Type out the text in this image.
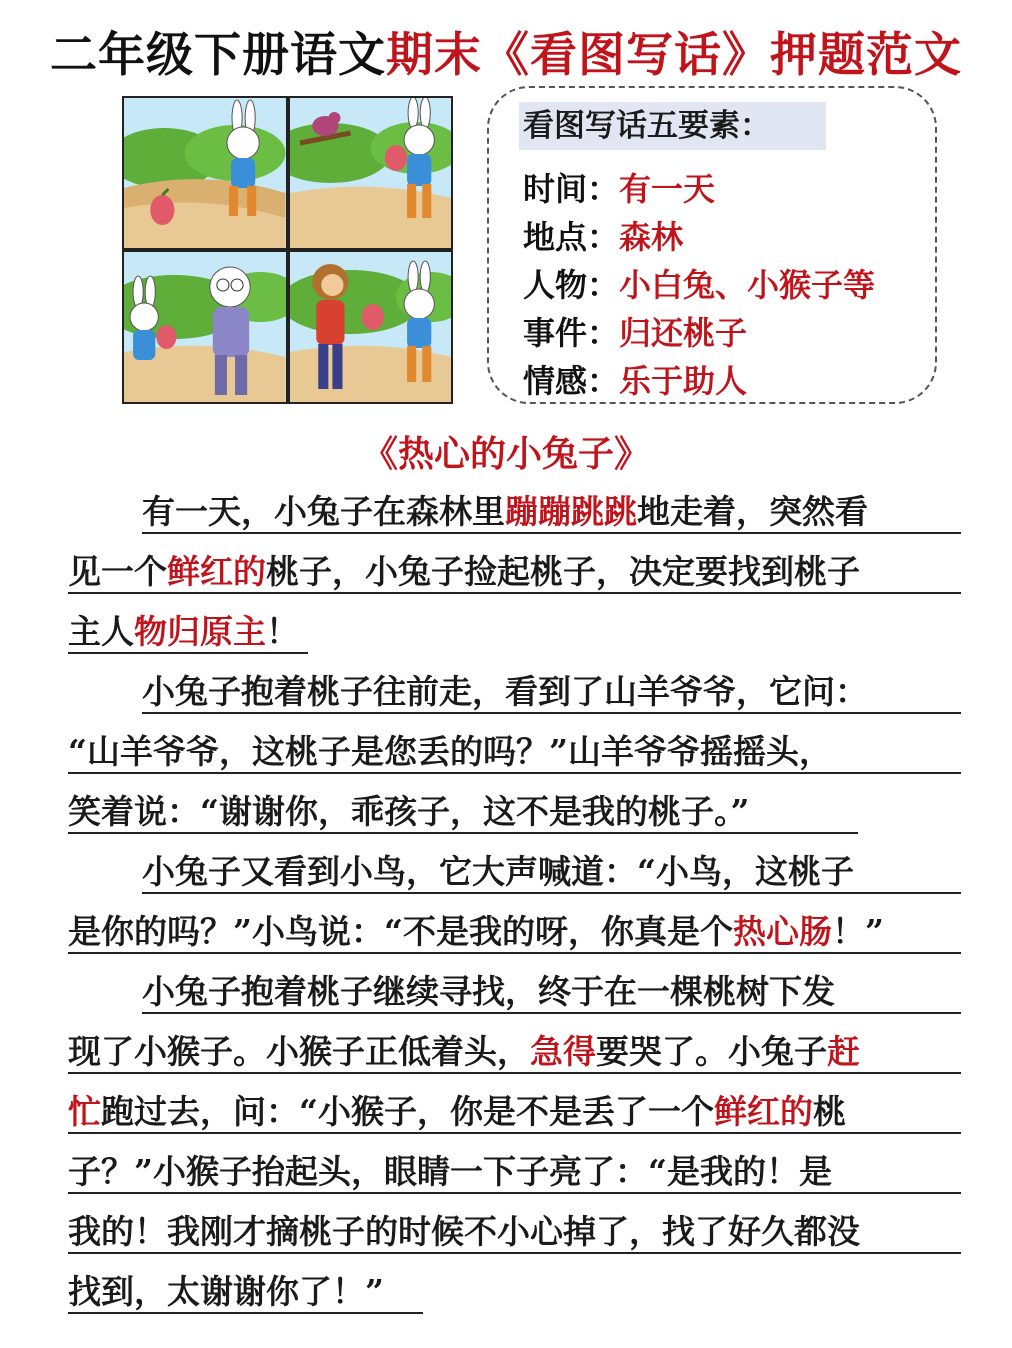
二年级下册语文期末《看图写话》押题范文
看图写话五要素：
时间：有一天
地点：森林
人物：小白兔、小猴子等
事件：归还桃子
情感：乐于助人
《热心的小兔子》
有一天，小兔子在森林里蹦蹦跳跳地走着，突然看
见一个鲜红的桃子，小兔子捡起桃子，决定要找到桃子
主人物归原主！
小兔子抱着桃子往前走，看到了山羊爷爷，它问：
“山羊爷爷，这桃子是您丢的吗？”山羊爷爷摇摇头，
笑着说：“谢谢你，乖孩子，这不是我的桃子。”
小兔子又看到小鸟，它大声喊道：“小鸟，这桃子
是你的吗？”小鸟说：“不是我的呀，你真是个热心肠！”
小兔子抱着桃子继续寻找，终于在一棵桃树下发
现了小猴子。小猴子正低着头，急得要哭了。小兔子赶
忙跑过去，问：“小猴子，你是不是丢了一个鲜红的桃
子？”小猴子抬起头，眼睛一下子亮了：“是我的！是
我的！我刚才摘桃子的时候不小心掉了，找了好久都没
找到，太谢谢你了！”
